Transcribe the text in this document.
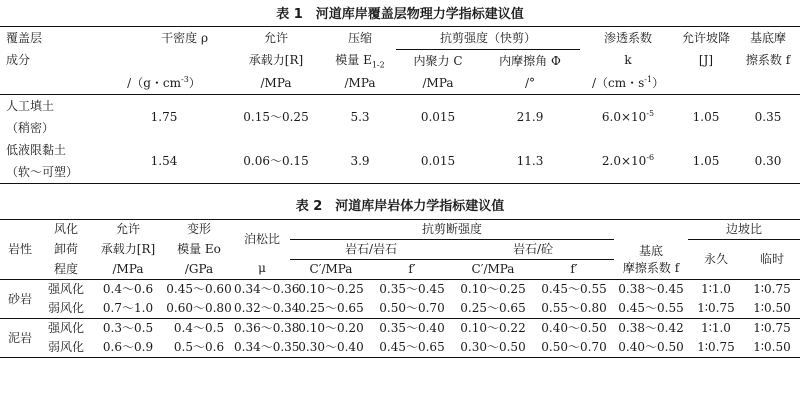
表 1　河道库岸覆盖层物理力学指标建议值
覆盖层	干密度 ρ	允许	压缩	抗剪强度（快剪）		渗透系数	允许坡降	基底摩
成分		承载力[R]	模量 $E_{1-2}$	内聚力 C	内摩擦角 Φ	k	[J]	擦系数 f
	/（g・$cm^{-3}$）	/MPa	/MPa	/MPa	/°	/（cm・$s^{-1}$）		
人工填土	1.75	0.15～0.25	5.3	0.015	21.9	$6.0\times 10^{-5}$	1.05	0.35
（稍密）								
低液限黏土	1.54	0.06～0.15	3.9	0.015	11.3	$2.0\times 10^{-6}$	1.05	0.30
（软～可塑）								
表 2　河道库岸岩体力学指标建议值
岩性	风化	允许	变形	泊松比	抗剪断强度				基底	边坡比	
	卸荷	承载力[R]	模量 Eo		岩石/岩石		岩石/砼			永久	临时
	程度	/MPa	/GPa	μ	C′/MPa	f′	C′/MPa	f′	摩擦系数 f		

砂岩	强风化	0.4～0.6	0.45～0.60	0.34～0.36	0.10～0.25	0.35～0.45	0.10～0.25	0.45～0.55	0.38～0.45	1∶1.0	1∶0.75
	弱风化	0.7～1.0	0.60～0.80	0.32～0.34	0.25～0.65	0.50～0.70	0.25～0.65	0.55～0.80	0.45～0.55	1∶0.75	1∶0.50
泥岩	强风化	0.3～0.5	0.4～0.5	0.36～0.38	0.10～0.20	0.35～0.40	0.10～0.22	0.40～0.50	0.38～0.42	1∶1.0	1∶0.75
	弱风化	0.6～0.9	0.5～0.6	0.34～0.35	0.30～0.40	0.45～0.65	0.30～0.50	0.50～0.70	0.40～0.50	1∶0.75	1∶0.50
